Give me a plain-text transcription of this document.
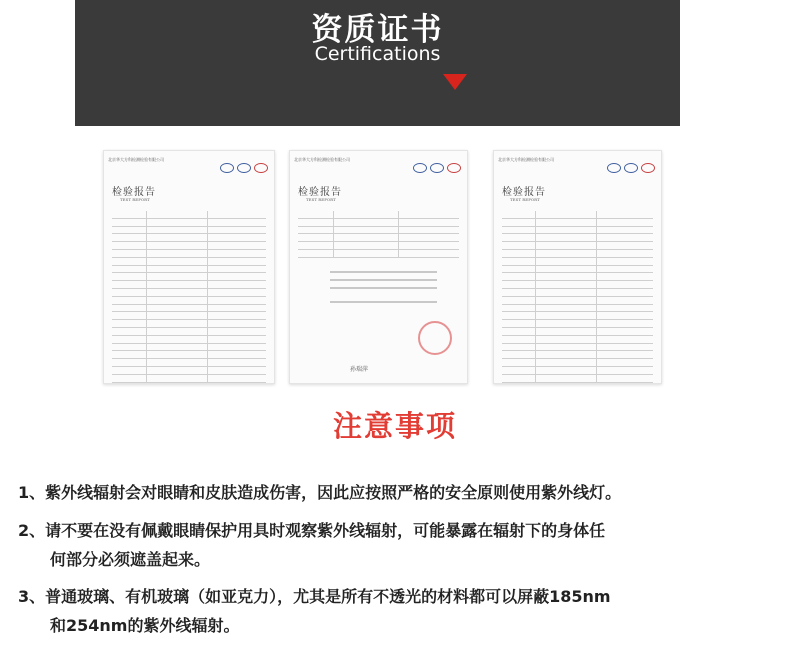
资质证书
Certifications
北京华大方科检测检验有限公司
检验报告
TEST REPORT
北京华大方科检测检验有限公司
检验报告
TEST REPORT
孙瑞萍
北京华大方科检测检验有限公司
检验报告
TEST REPORT
注意事项
1、紫外线辐射会对眼睛和皮肤造成伤害，因此应按照严格的安全原则使用紫外线灯。
2、请不要在没有佩戴眼睛保护用具时观察紫外线辐射，可能暴露在辐射下的身体任
何部分必须遮盖起来。
3、普通玻璃、有机玻璃（如亚克力），尤其是所有不透光的材料都可以屏蔽185nm
和254nm的紫外线辐射。
